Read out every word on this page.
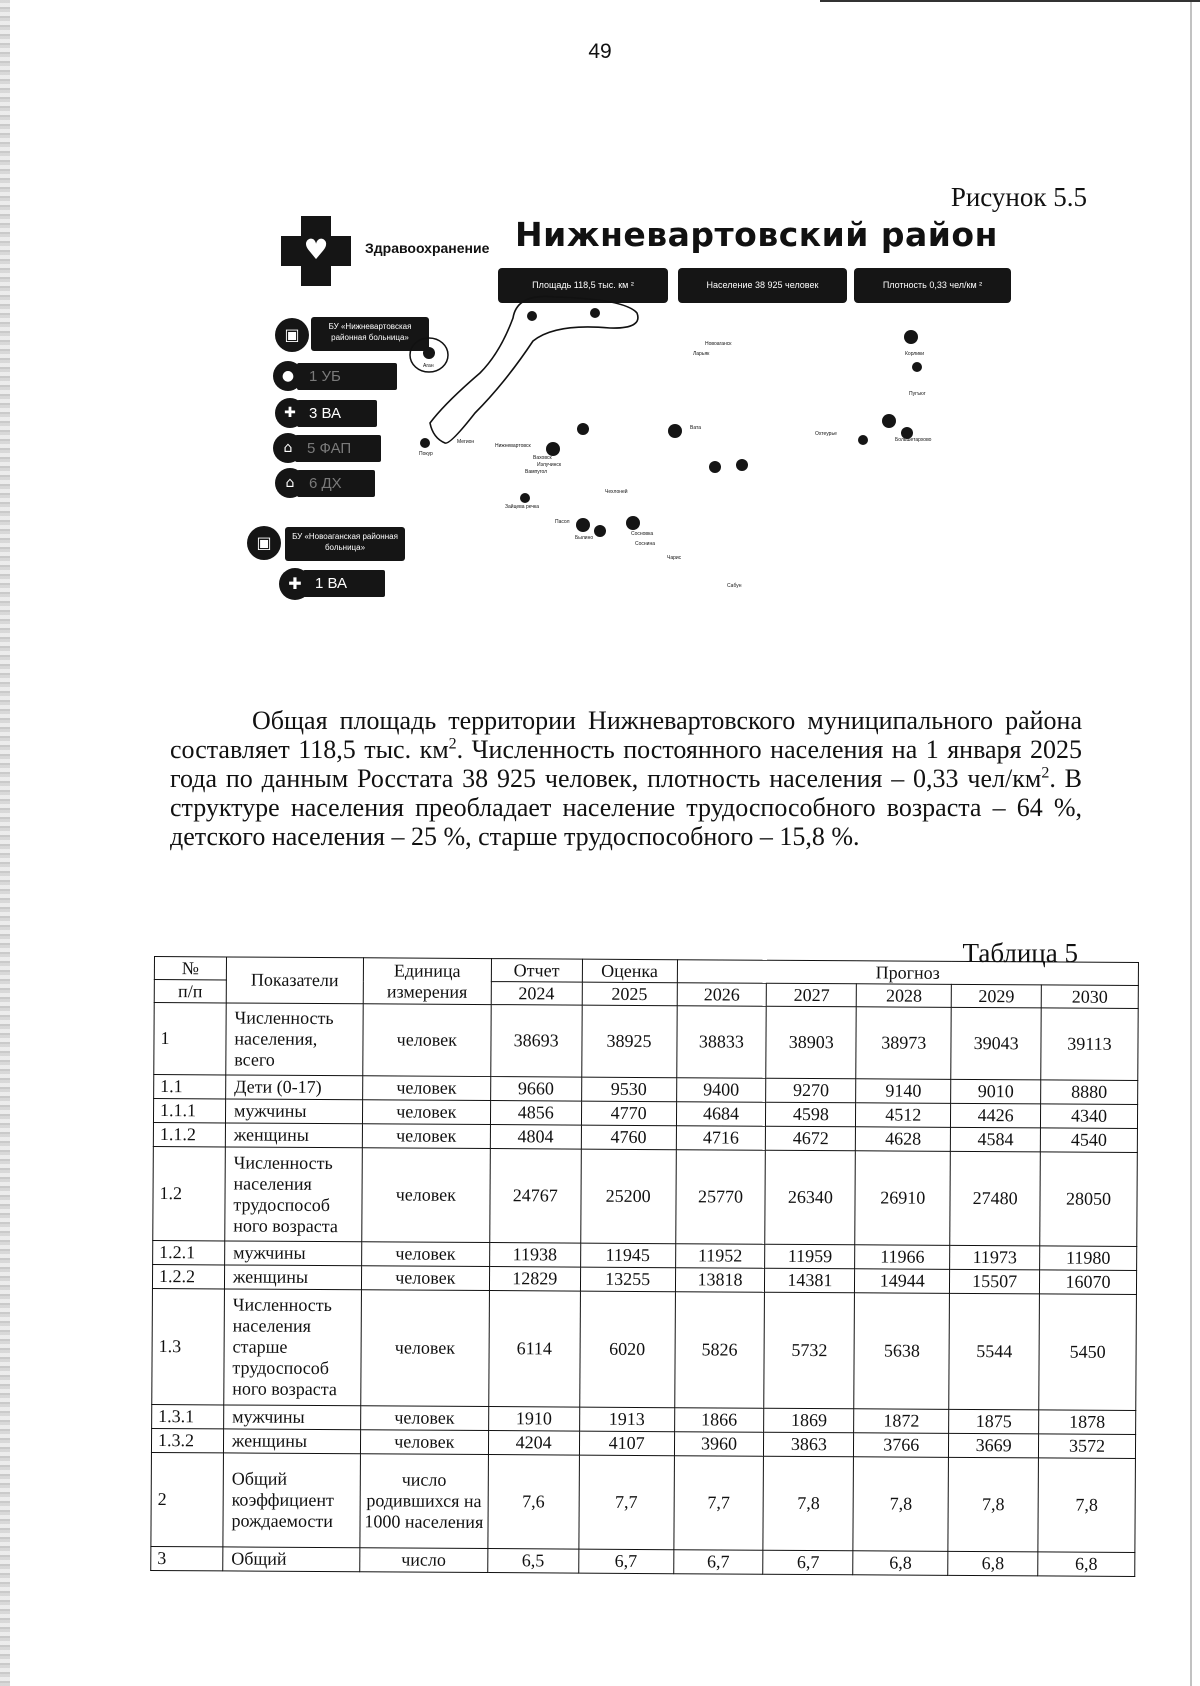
49
Рисунок 5.5
♥	Здравоохранение Нижневартовский район
Площадь 118,5 тыс. км ²	Население 38 925 человек	Плотность 0,33 чел/км ²
▣	БУ «Нижневартовская районная больница»
● 1 УБ
✚ 3 ВА
⌂ 5 ФАП
⌂ 6 ДХ
▣	БУ «Новоаганская районная больница»
✚ 1 ВА
Аган
Покур
Нижневартовск
Ваховск
Излучинск
Вата
Ларьяк	Корлики
Пугъюг
Былино
Пасол
Сосновка
Новоаганск
Охтеурье
Чехлоней
Зайцева речка
Соснина
Большетархово
Чарис
Сабун
Мегион
Вампугол
Общая площадь территории Нижневартовского муниципального района составляет 118,5 тыс. $км^2$. Численность постоянного населения на 1 января 2025 года по данным Росстата 38 925 человек, плотность населения – 0,33 чел/$км^2$. В структуре населения преобладает население трудоспособного возраста – 64 %, детского населения – 25 %, старше трудоспособного – 15,8 %.
Таблица 5
№	Показатели	Единица измерения	Отчет	Оценка	Прогноз				
п/п			2024	2025	2026	2027	2028	2029	2030
1	Численность населения, всего	человек	38693	38925	38833	38903	38973	39043	39113
1.1	Дети (0-17)	человек	9660	9530	9400	9270	9140	9010	8880
1.1.1	мужчины	человек	4856	4770	4684	4598	4512	4426	4340
1.1.2	женщины	человек	4804	4760	4716	4672	4628	4584	4540
1.2	Численность населения трудоспособ ного возраста	человек	24767	25200	25770	26340	26910	27480	28050
1.2.1	мужчины	человек	11938	11945	11952	11959	11966	11973	11980
1.2.2	женщины	человек	12829	13255	13818	14381	14944	15507	16070
1.3	Численность населения старше трудоспособ ного возраста	человек	6114	6020	5826	5732	5638	5544	5450
1.3.1	мужчины	человек	1910	1913	1866	1869	1872	1875	1878
1.3.2	женщины	человек	4204	4107	3960	3863	3766	3669	3572
2	Общий коэффициент рождаемости	число родившихся на 1000 населения	7,6	7,7	7,7	7,8	7,8	7,8	7,8
3	Общий	число	6,5	6,7	6,7	6,7	6,8	6,8	6,8
